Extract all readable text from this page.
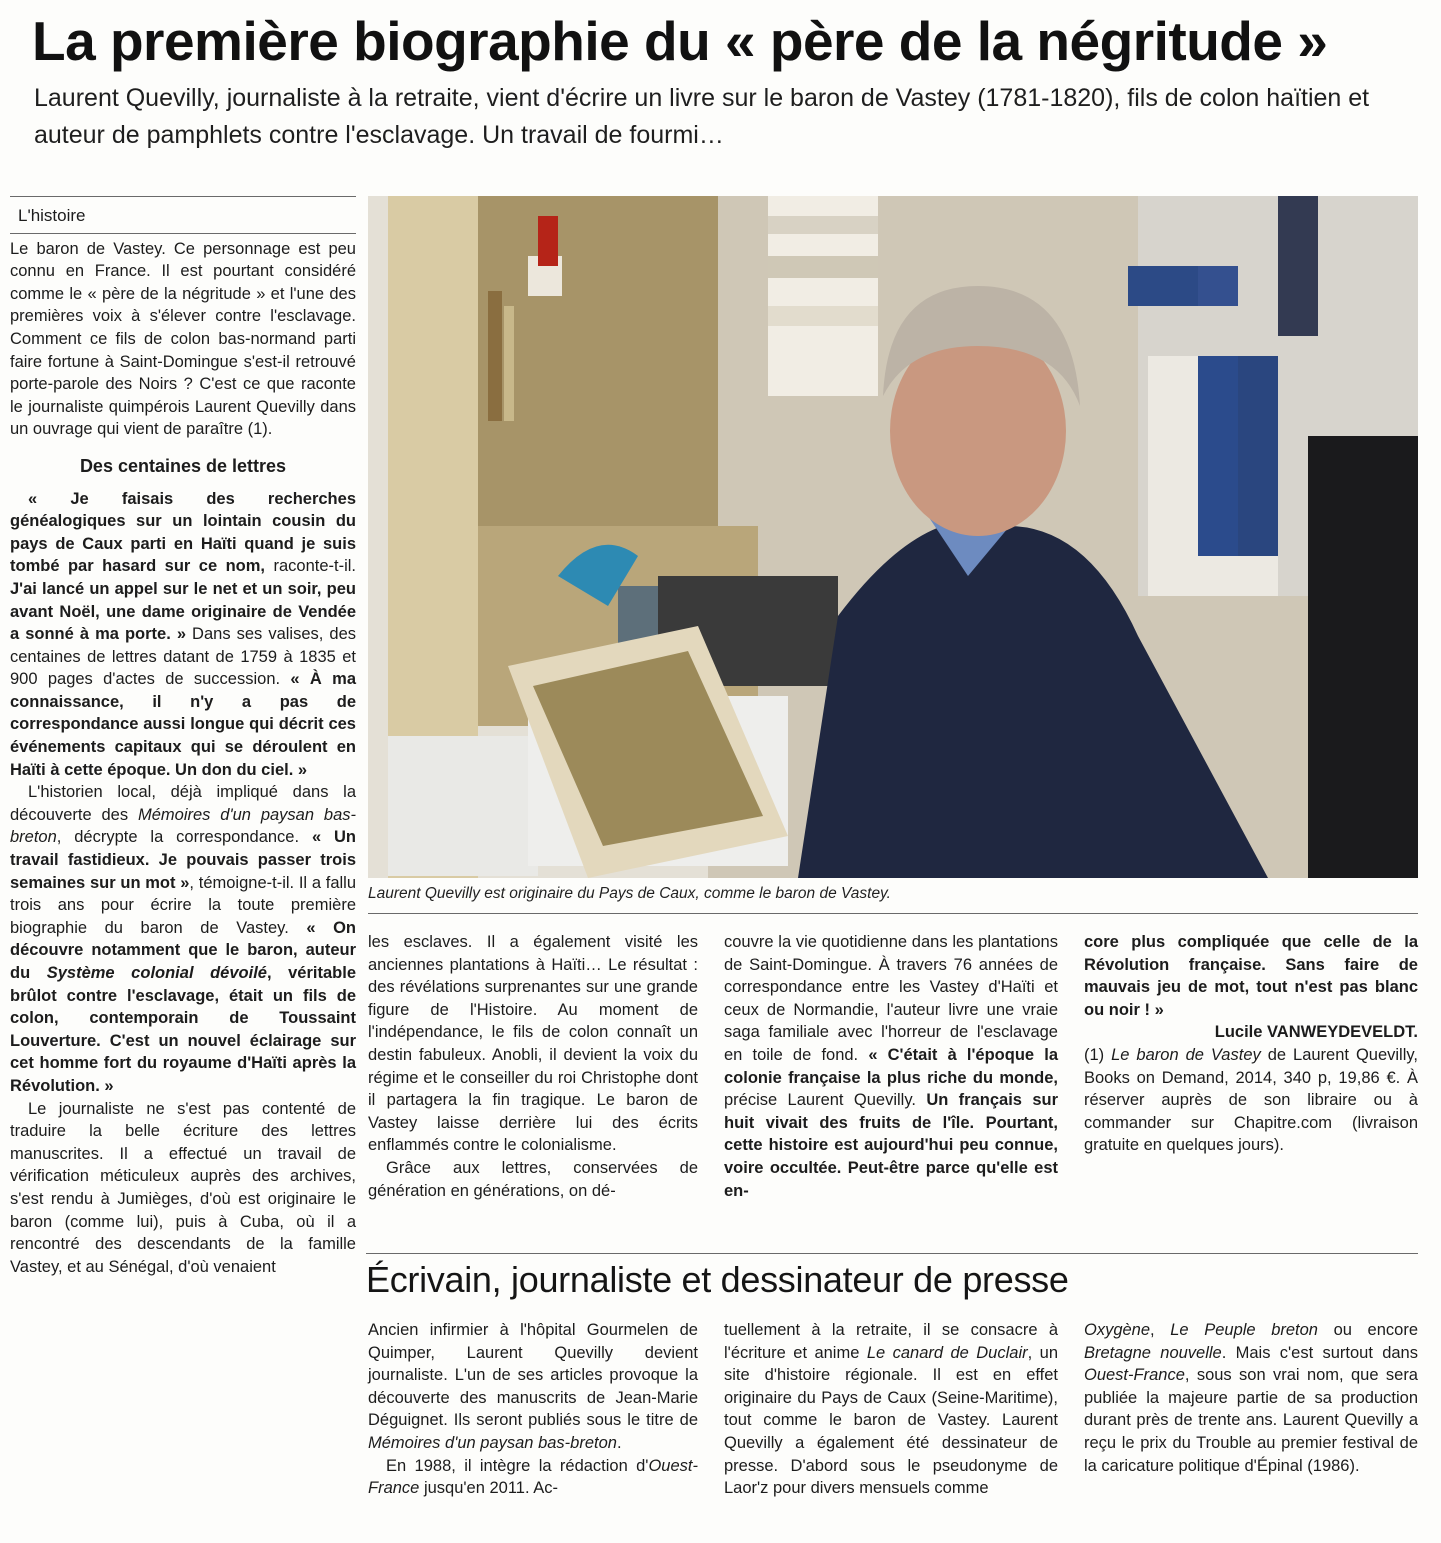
La première biographie du « père de la négritude »

Laurent Quevilly, journaliste à la retraite, vient d'écrire un livre sur le baron de Vastey (1781-1820), fils de colon haïtien et auteur de pamphlets contre l'esclavage. Un travail de fourmi…

L'histoire

Le baron de Vastey. Ce personnage est peu connu en France. Il est pourtant considéré comme le « père de la négritude » et l'une des premières voix à s'élever contre l'esclavage. Comment ce fils de colon bas-normand parti faire fortune à Saint-Domingue s'est-il retrouvé porte-parole des Noirs ? C'est ce que raconte le journaliste quimpérois Laurent Quevilly dans un ouvrage qui vient de paraître (1).

Des centaines de lettres

« Je faisais des recherches généalogiques sur un lointain cousin du pays de Caux parti en Haïti quand je suis tombé par hasard sur ce nom, raconte-t-il. J'ai lancé un appel sur le net et un soir, peu avant Noël, une dame originaire de Vendée a sonné à ma porte. » Dans ses valises, des centaines de lettres datant de 1759 à 1835 et 900 pages d'actes de succession. « À ma connaissance, il n'y a pas de correspondance aussi longue qui décrit ces événements capitaux qui se déroulent en Haïti à cette époque. Un don du ciel. »

L'historien local, déjà impliqué dans la découverte des Mémoires d'un paysan bas-breton, décrypte la correspondance. « Un travail fastidieux. Je pouvais passer trois semaines sur un mot », témoigne-t-il. Il a fallu trois ans pour écrire la toute première biographie du baron de Vastey. « On découvre notamment que le baron, auteur du Système colonial dévoilé, véritable brûlot contre l'esclavage, était un fils de colon, contemporain de Toussaint Louverture. C'est un nouvel éclairage sur cet homme fort du royaume d'Haïti après la Révolution. »

Le journaliste ne s'est pas contenté de traduire la belle écriture des lettres manuscrites. Il a effectué un travail de vérification méticuleux auprès des archives, s'est rendu à Jumièges, d'où est originaire le baron (comme lui), puis à Cuba, où il a rencontré des descendants de la famille Vastey, et au Sénégal, d'où venaient

Laurent Quevilly est originaire du Pays de Caux, comme le baron de Vastey.

les esclaves. Il a également visité les anciennes plantations à Haïti… Le résultat : des révélations surprenantes sur une grande figure de l'Histoire. Au moment de l'indépendance, le fils de colon connaît un destin fabuleux. Anobli, il devient la voix du régime et le conseiller du roi Christophe dont il partagera la fin tragique. Le baron de Vastey laisse derrière lui des écrits enflammés contre le colonialisme.

Grâce aux lettres, conservées de génération en générations, on dé-

couvre la vie quotidienne dans les plantations de Saint-Domingue. À travers 76 années de correspondance entre les Vastey d'Haïti et ceux de Normandie, l'auteur livre une vraie saga familiale avec l'horreur de l'esclavage en toile de fond. « C'était à l'époque la colonie française la plus riche du monde, précise Laurent Quevilly. Un français sur huit vivait des fruits de l'île. Pourtant, cette histoire est aujourd'hui peu connue, voire occultée. Peut-être parce qu'elle est en-

core plus compliquée que celle de la Révolution française. Sans faire de mauvais jeu de mot, tout n'est pas blanc ou noir ! »

Lucile VANWEYDEVELDT.

(1) Le baron de Vastey de Laurent Quevilly, Books on Demand, 2014, 340 p, 19,86 €. À réserver auprès de son libraire ou à commander sur Chapitre.com (livraison gratuite en quelques jours).

Écrivain, journaliste et dessinateur de presse

Ancien infirmier à l'hôpital Gourmelen de Quimper, Laurent Quevilly devient journaliste. L'un de ses articles provoque la découverte des manuscrits de Jean-Marie Déguignet. Ils seront publiés sous le titre de Mémoires d'un paysan bas-breton.

En 1988, il intègre la rédaction d'Ouest-France jusqu'en 2011. Ac-

tuellement à la retraite, il se consacre à l'écriture et anime Le canard de Duclair, un site d'histoire régionale. Il est en effet originaire du Pays de Caux (Seine-Maritime), tout comme le baron de Vastey. Laurent Quevilly a également été dessinateur de presse. D'abord sous le pseudonyme de Laor'z pour divers mensuels comme

Oxygène, Le Peuple breton ou encore Bretagne nouvelle. Mais c'est surtout dans Ouest-France, sous son vrai nom, que sera publiée la majeure partie de sa production durant près de trente ans. Laurent Quevilly a reçu le prix du Trouble au premier festival de la caricature politique d'Épinal (1986).
